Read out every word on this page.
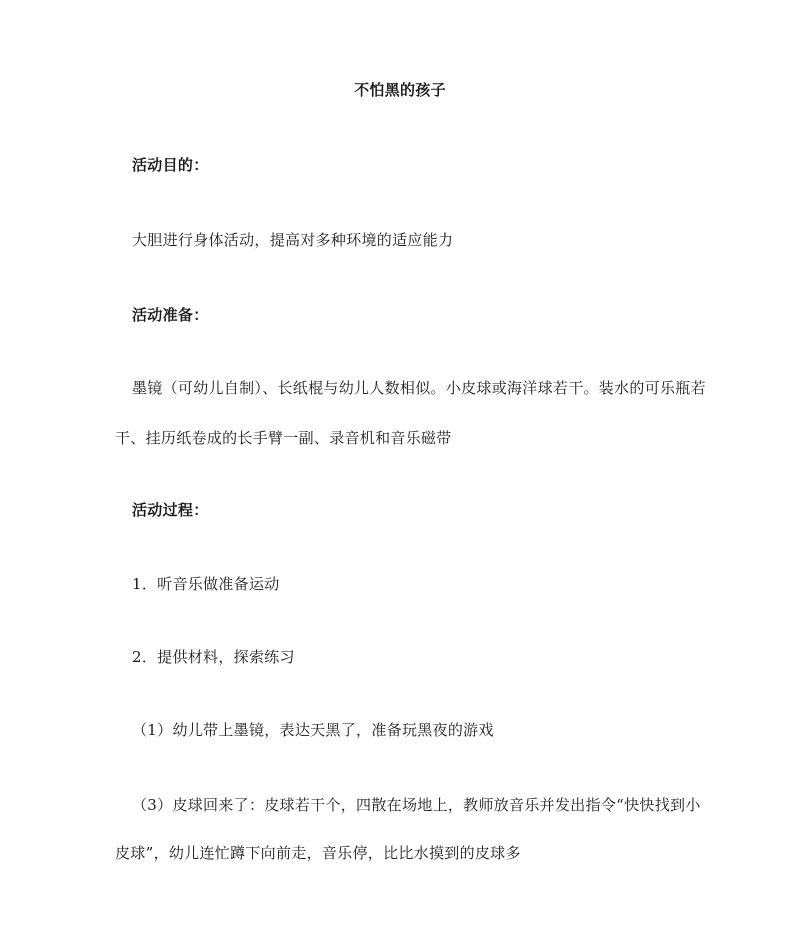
不怕黑的孩子
活动目的：
大胆进行身体活动，提高对多种环境的适应能力
活动准备：
墨镜（可幼儿自制）、长纸棍与幼儿人数相似。小皮球或海洋球若干。装水的可乐瓶若
干、挂历纸卷成的长手臂一副、录音机和音乐磁带
活动过程：
1．听音乐做准备运动
2．提供材料，探索练习
（1）幼儿带上墨镜，表达天黑了，准备玩黑夜的游戏
（3）皮球回来了：皮球若干个，四散在场地上，教师放音乐并发出指令“快快找到小
皮球”，幼儿连忙蹲下向前走，音乐停，比比水摸到的皮球多
